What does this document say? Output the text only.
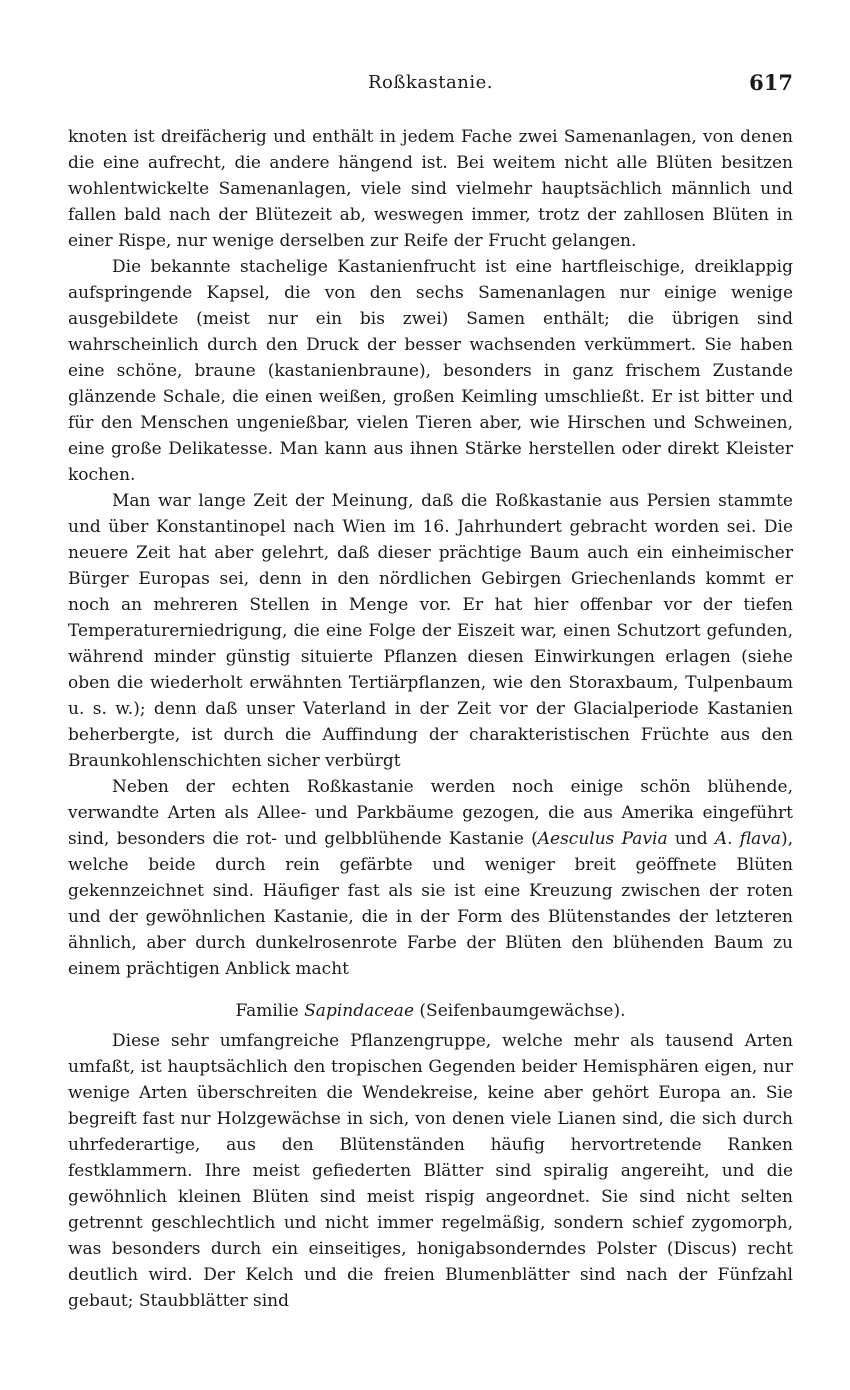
Roßkastanie.	617

knoten ist dreifächerig und enthält in jedem Fache zwei Samenanlagen, von denen die eine aufrecht, die andere hängend ist. Bei weitem nicht alle Blüten besitzen wohlentwickelte Samenanlagen, viele sind vielmehr hauptsächlich männlich und fallen bald nach der Blütezeit ab, weswegen immer, trotz der zahllosen Blüten in einer Rispe, nur wenige derselben zur Reife der Frucht gelangen.

Die bekannte stachelige Kastanienfrucht ist eine hartfleischige, dreiklappig aufspringende Kapsel, die von den sechs Samenanlagen nur einige wenige ausgebildete (meist nur ein bis zwei) Samen enthält; die übrigen sind wahrscheinlich durch den Druck der besser wachsenden verkümmert. Sie haben eine schöne, braune (kastanienbraune), besonders in ganz frischem Zustande glänzende Schale, die einen weißen, großen Keimling umschließt. Er ist bitter und für den Menschen ungenießbar, vielen Tieren aber, wie Hirschen und Schweinen, eine große Delikatesse. Man kann aus ihnen Stärke herstellen oder direkt Kleister kochen.

Man war lange Zeit der Meinung, daß die Roßkastanie aus Persien stammte und über Konstantinopel nach Wien im 16. Jahrhundert gebracht worden sei. Die neuere Zeit hat aber gelehrt, daß dieser prächtige Baum auch ein einheimischer Bürger Europas sei, denn in den nördlichen Gebirgen Griechenlands kommt er noch an mehreren Stellen in Menge vor. Er hat hier offenbar vor der tiefen Temperaturerniedrigung, die eine Folge der Eiszeit war, einen Schutzort gefunden, während minder günstig situierte Pflanzen diesen Einwirkungen erlagen (siehe oben die wiederholt erwähnten Tertiärpflanzen, wie den Storaxbaum, Tulpenbaum u. s. w.); denn daß unser Vaterland in der Zeit vor der Glacialperiode Kastanien beherbergte, ist durch die Auffindung der charakteristischen Früchte aus den Braunkohlenschichten sicher verbürgt

Neben der echten Roßkastanie werden noch einige schön blühende, verwandte Arten als Allee- und Parkbäume gezogen, die aus Amerika eingeführt sind, besonders die rot- und gelbblühende Kastanie (Aesculus Pavia und A. flava), welche beide durch rein gefärbte und weniger breit geöffnete Blüten gekennzeichnet sind. Häufiger fast als sie ist eine Kreuzung zwischen der roten und der gewöhnlichen Kastanie, die in der Form des Blütenstandes der letzteren ähnlich, aber durch dunkelrosenrote Farbe der Blüten den blühenden Baum zu einem prächtigen Anblick macht

Familie Sapindaceae (Seifenbaumgewächse).

Diese sehr umfangreiche Pflanzengruppe, welche mehr als tausend Arten umfaßt, ist hauptsächlich den tropischen Gegenden beider Hemisphären eigen, nur wenige Arten überschreiten die Wendekreise, keine aber gehört Europa an. Sie begreift fast nur Holzgewächse in sich, von denen viele Lianen sind, die sich durch uhrfederartige, aus den Blütenständen häufig hervortretende Ranken festklammern. Ihre meist gefiederten Blätter sind spiralig angereiht, und die gewöhnlich kleinen Blüten sind meist rispig angeordnet. Sie sind nicht selten getrennt geschlechtlich und nicht immer regelmäßig, sondern schief zygomorph, was besonders durch ein einseitiges, honigabsonderndes Polster (Discus) recht deutlich wird. Der Kelch und die freien Blumenblätter sind nach der Fünfzahl gebaut; Staubblätter sind
